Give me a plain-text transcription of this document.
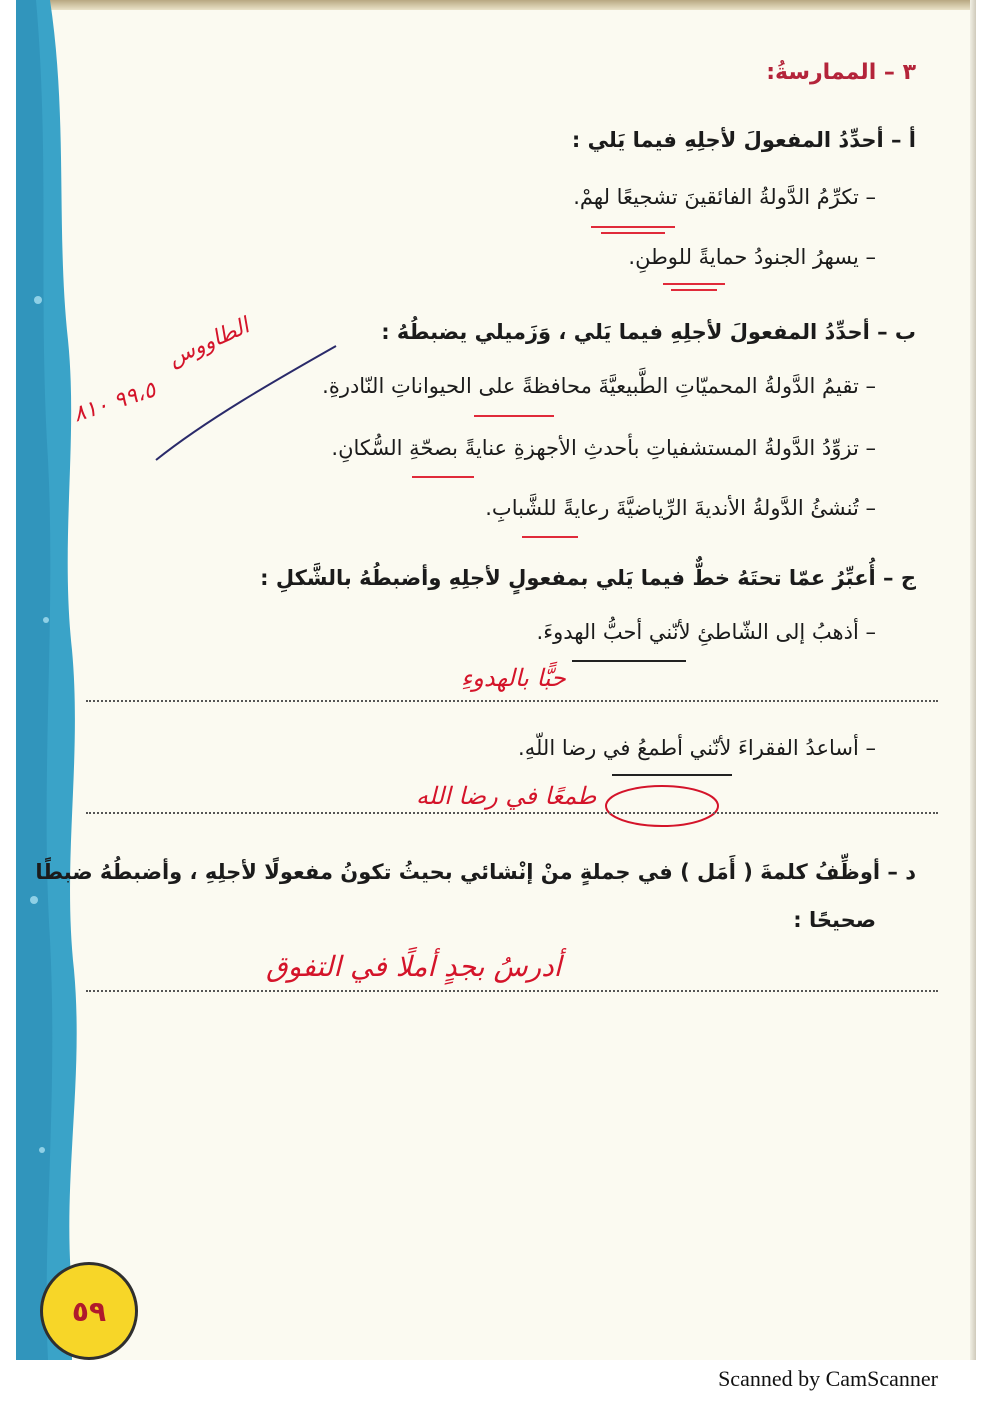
٣ – الممارسةُ:
أ – أحدِّدُ المفعولَ لأجلِهِ فيما يَلي :
– تكرِّمُ الدَّولةُ الفائقينَ تشجيعًا لهمْ.
– يسهرُ الجنودُ حمايةً للوطنِ.
ب – أحدِّدُ المفعولَ لأجلِهِ فيما يَلي ، وَزَميلي يضبطُهُ :
الطاووس
٩٩،٥ ٨١٠	– تقيمُ الدَّولةُ المحميّاتِ الطَّبيعيَّةَ محافظةً على الحيواناتِ النّادرةِ.
– تزوِّدُ الدَّولةُ المستشفياتِ بأحدثِ الأجهزةِ عنايةً بصحّةِ السُّكانِ.
– تُنشئُ الدَّولةُ الأنديةَ الرِّياضيَّةَ رعايةً للشَّبابِ.
ج – أُعبِّرُ عمّا تحتَهُ خطٌّ فيما يَلي بمفعولٍ لأجلِهِ وأضبطُهُ بالشَّكلِ :
– أذهبُ إلى الشّاطئِ لأنّني أحبُّ الهدوءَ.
حبًّا بالهدوءِ
– أساعدُ الفقراءَ لأنّني أطمعُ في رضا اللّهِ.
طمعًا في رضا الله
د – أوظِّفُ كلمةَ ( أَمَل ) في جملةٍ منْ إنْشائي بحيثُ تكونُ مفعولًا لأجلِهِ ، وأضبطُهُ ضبطًا
صحيحًا :
أدرسُ بجدٍ أملًا في التفوق
٥٩
Scanned by CamScanner
